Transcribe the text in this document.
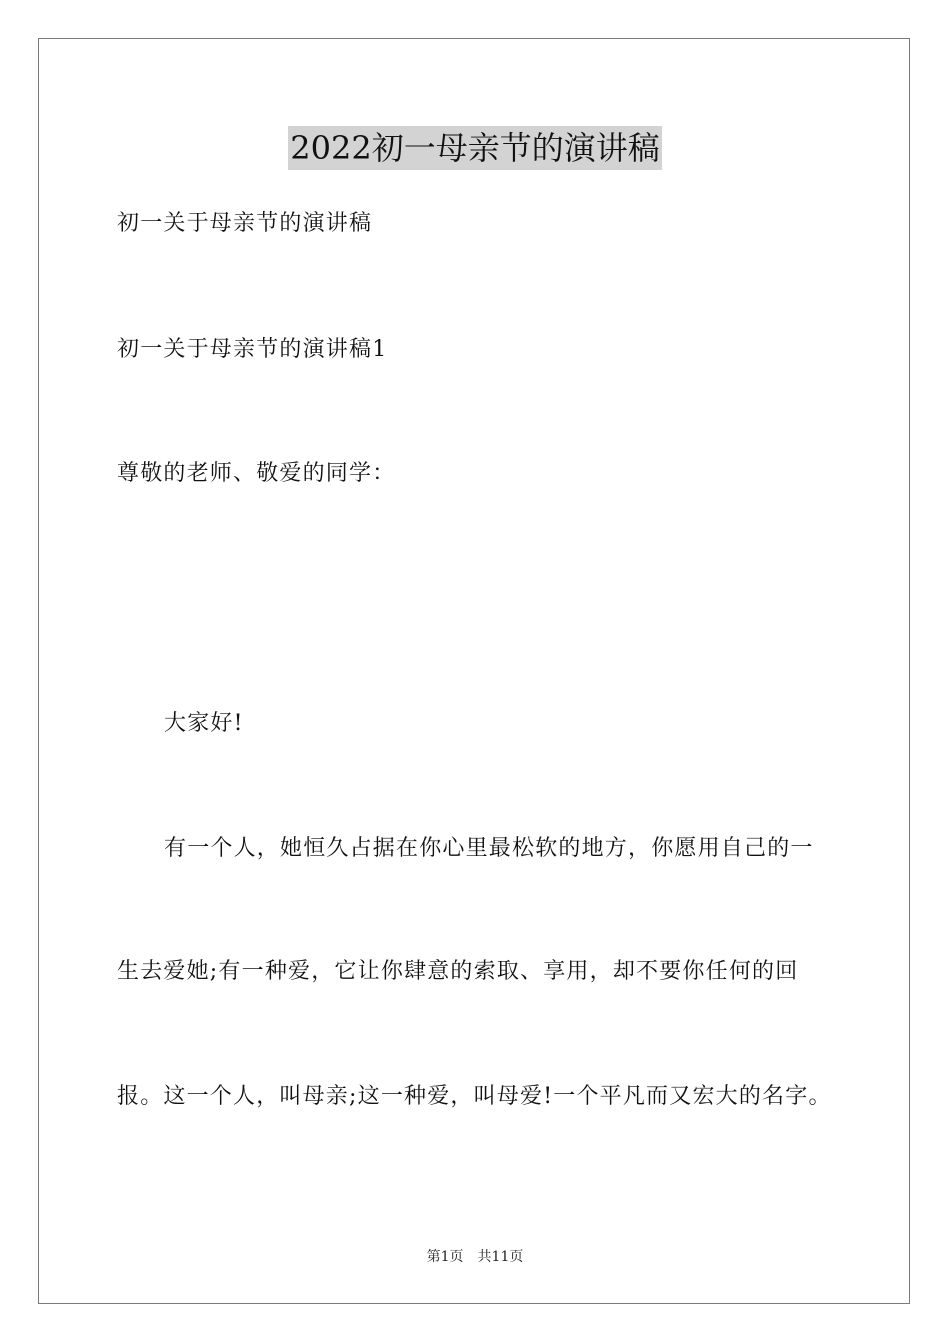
2022初一母亲节的演讲稿
初一关于母亲节的演讲稿
初一关于母亲节的演讲稿1
尊敬的老师、敬爱的同学：
大家好!
有一个人，她恒久占据在你心里最松软的地方，你愿用自己的一
生去爱她;有一种爱，它让你肆意的索取、享用，却不要你任何的回
报。这一个人，叫母亲;这一种爱，叫母爱!一个平凡而又宏大的名字。
第1页 共11页
